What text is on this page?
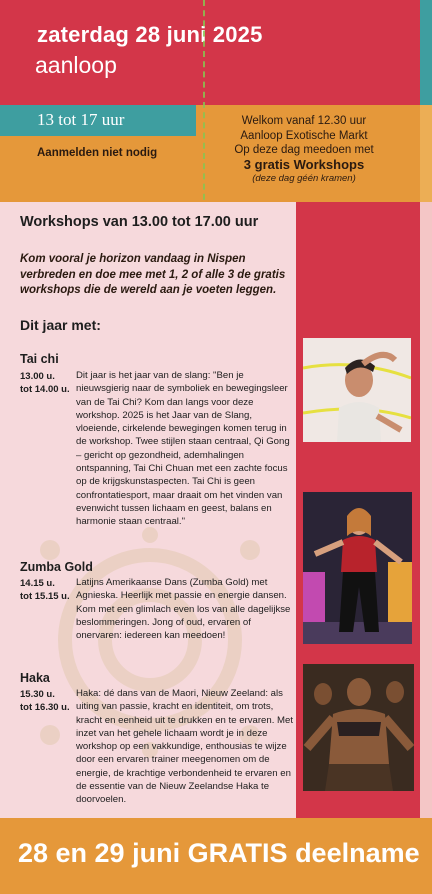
zaterdag 28 juni 2025
aanloop
13 tot 17 uur
Aanmelden niet nodig
Welkom vanaf 12.30 uur
Aanloop Exotische Markt
Op deze dag meedoen met
3 gratis Workshops
(deze dag géén kramen)
Workshops van 13.00 tot 17.00 uur
Kom vooral je horizon vandaag in Nispen verbreden en doe mee met 1, 2 of alle 3 de gratis workshops die de wereld aan je voeten leggen.
Dit jaar met:
Tai chi
13.00 u.
tot 14.00 u.
Dit jaar is het jaar van de slang: "Ben je nieuwsgierig naar de symboliek en bewegingsleer van de Tai Chi? Kom dan langs voor deze workshop. 2025 is het Jaar van de Slang, vloeiende, cirkelende bewegingen komen terug in de workshop. Twee stijlen staan centraal, Qi Gong – gericht op gezondheid, ademhalingen ontspanning, Tai Chi Chuan met een zachte focus op de krijgskunstaspecten. Tai Chi is geen confrontatiesport, maar draait om het vinden van evenwicht tussen lichaam en geest, balans en harmonie staan centraal."
Zumba Gold
14.15 u.
tot 15.15 u.
Latijns Amerikaanse Dans (Zumba Gold) met Agnieska. Heerlijk met passie en energie dansen. Kom met een glimlach even los van alle dagelijkse beslommeringen. Jong of oud, ervaren of onervaren: iedereen kan meedoen!
Haka
15.30 u.
tot 16.30 u.
Haka: dé dans van de Maori, Nieuw Zeeland: als uiting van passie, kracht en identiteit, om trots, kracht en eenheid uit te drukken en te ervaren. Met inzet van het gehele lichaam wordt je in deze workshop op een vakkundige, enthousias te wijze door een ervaren trainer meegenomen om de energie, de krachtige verbondenheid te ervaren en de essentie van de Nieuw Zeelandse Haka te doorvoelen.
28 en 29 juni GRATIS deelname
